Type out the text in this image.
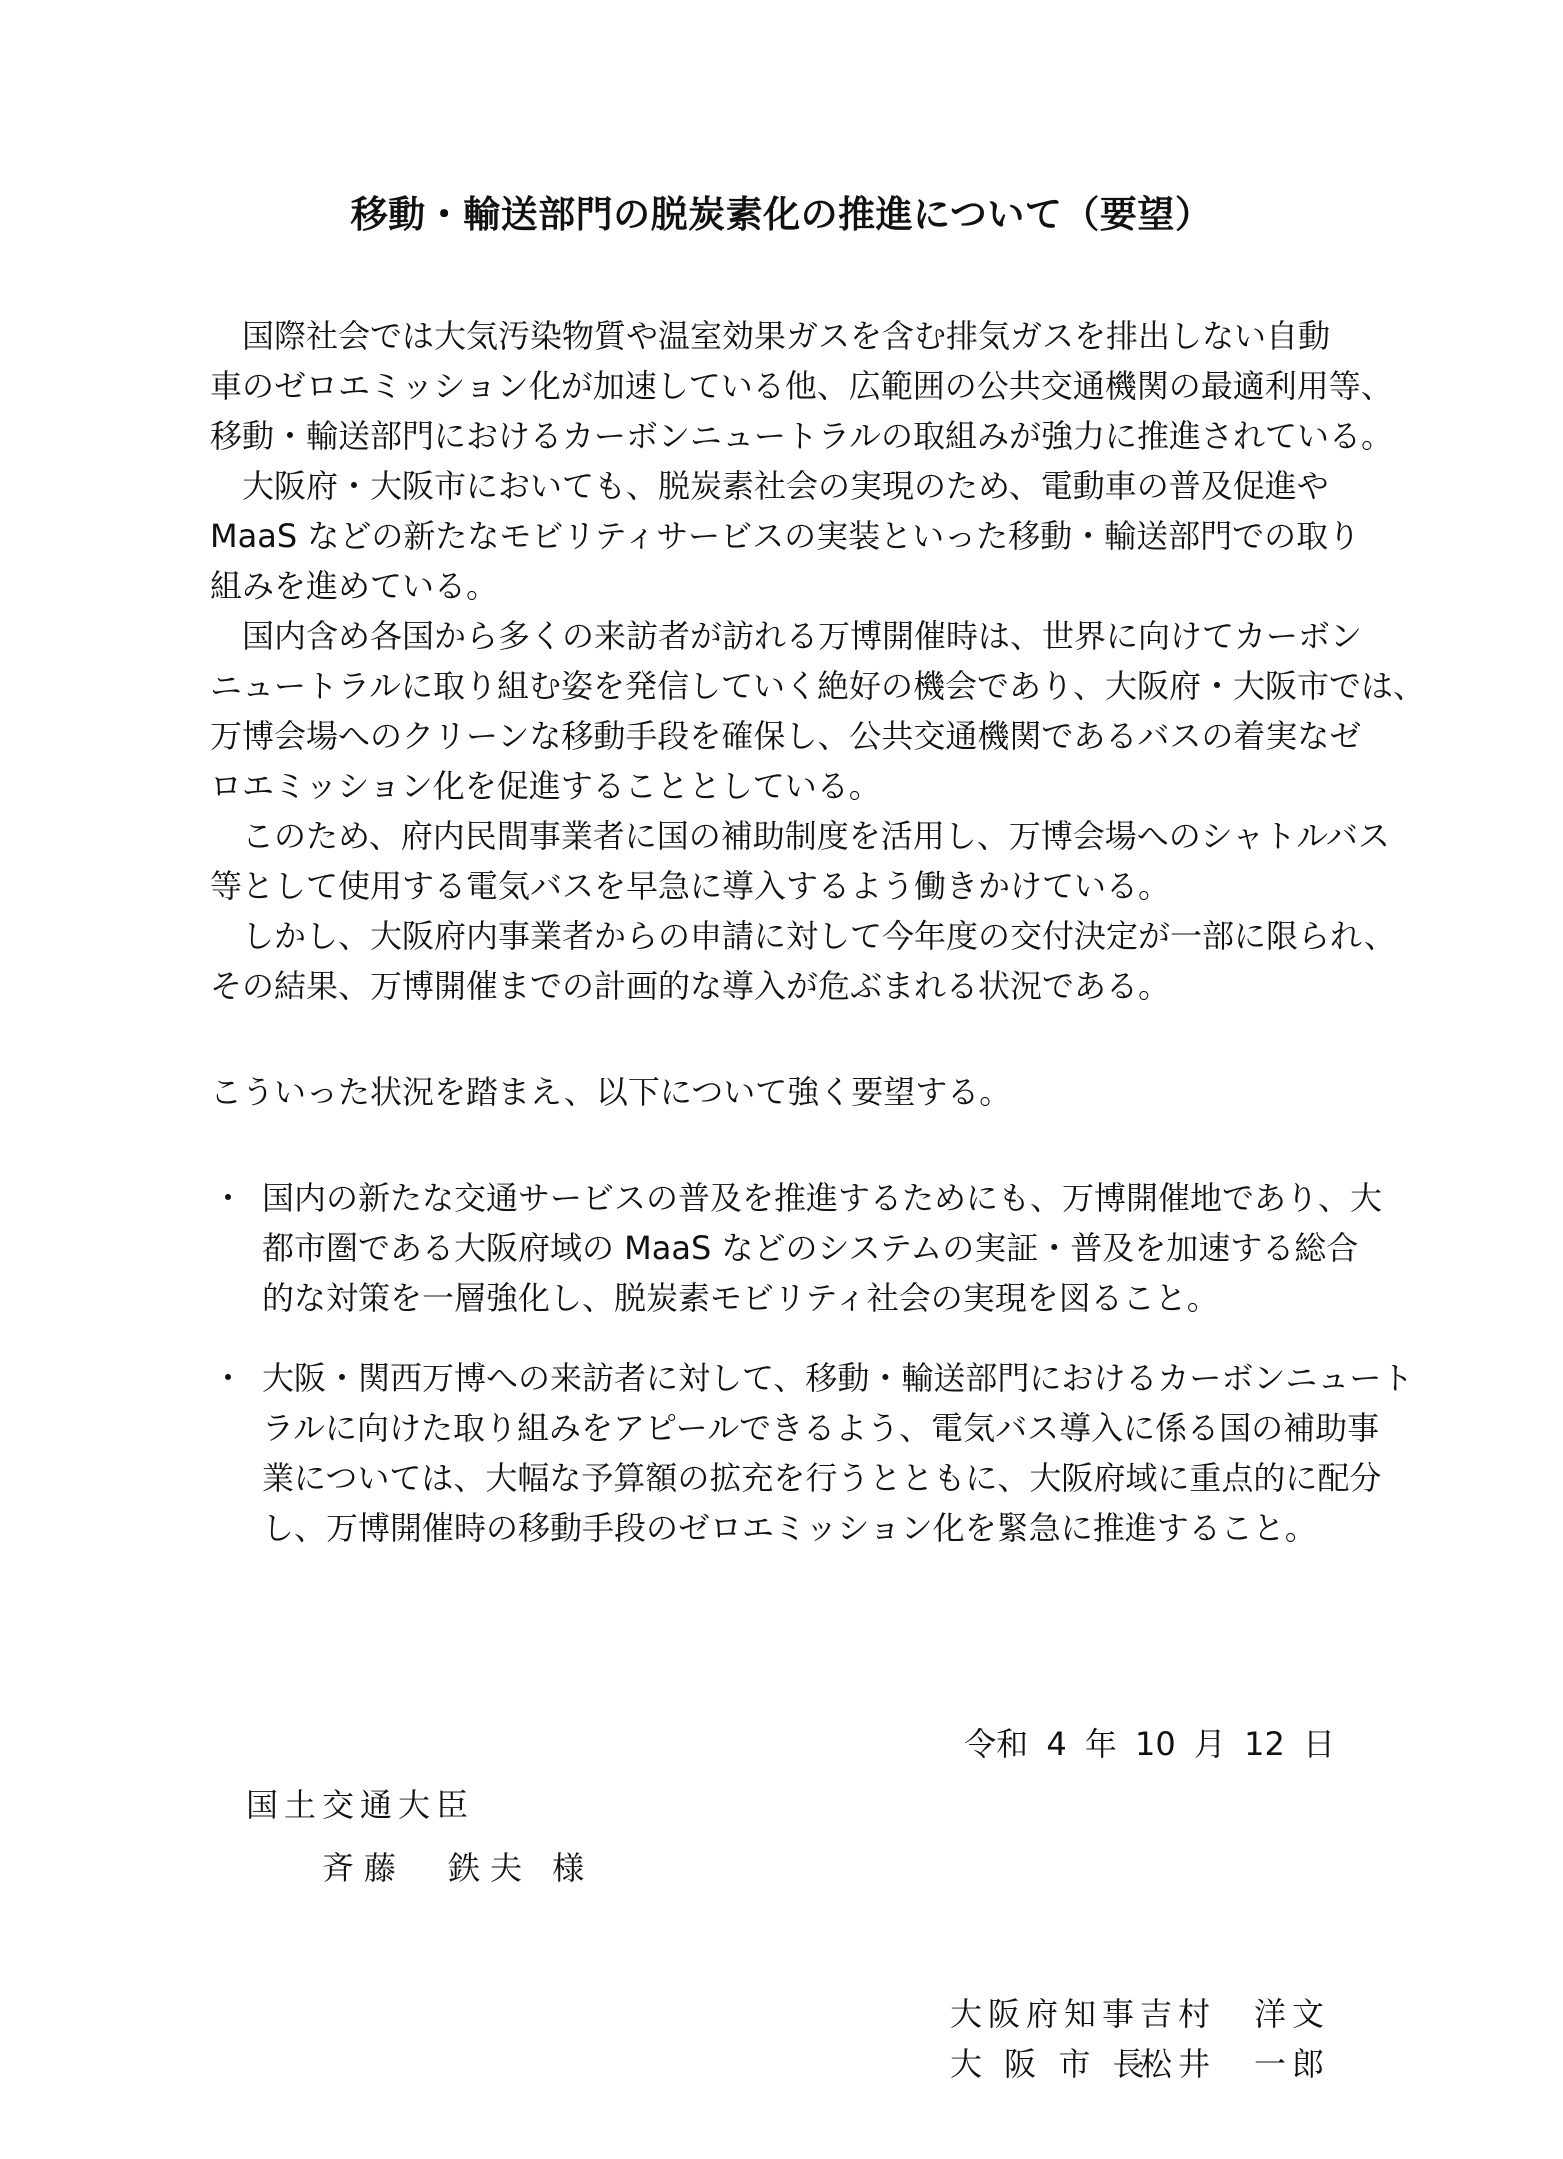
移動・輸送部門の脱炭素化の推進について（要望）
　国際社会では大気汚染物質や温室効果ガスを含む排気ガスを排出しない自動
車のゼロエミッション化が加速している他、広範囲の公共交通機関の最適利用等、
移動・輸送部門におけるカーボンニュートラルの取組みが強力に推進されている。
　大阪府・大阪市においても、脱炭素社会の実現のため、電動車の普及促進や
MaaS などの新たなモビリティサービスの実装といった移動・輸送部門での取り
組みを進めている。
　国内含め各国から多くの来訪者が訪れる万博開催時は、世界に向けてカーボン
ニュートラルに取り組む姿を発信していく絶好の機会であり、大阪府・大阪市では、
万博会場へのクリーンな移動手段を確保し、公共交通機関であるバスの着実なゼ
ロエミッション化を促進することとしている。
　このため、府内民間事業者に国の補助制度を活用し、万博会場へのシャトルバス
等として使用する電気バスを早急に導入するよう働きかけている。
　しかし、大阪府内事業者からの申請に対して今年度の交付決定が一部に限られ、
その結果、万博開催までの計画的な導入が危ぶまれる状況である。
こういった状況を踏まえ、以下について強く要望する。
・ 国内の新たな交通サービスの普及を推進するためにも、万博開催地であり、大
都市圏である大阪府域の MaaS などのシステムの実証・普及を加速する総合
的な対策を一層強化し、脱炭素モビリティ社会の実現を図ること。
・ 大阪・関西万博への来訪者に対して、移動・輸送部門におけるカーボンニュート
ラルに向けた取り組みをアピールできるよう、電気バス導入に係る国の補助事
業については、大幅な予算額の拡充を行うとともに、大阪府域に重点的に配分
し、万博開催時の移動手段のゼロエミッション化を緊急に推進すること。
令和 4 年 10 月 12 日
国土交通大臣
斉藤　鉄夫 様
大阪府知事吉村　洋文
大 阪 市 長松井　一郎
